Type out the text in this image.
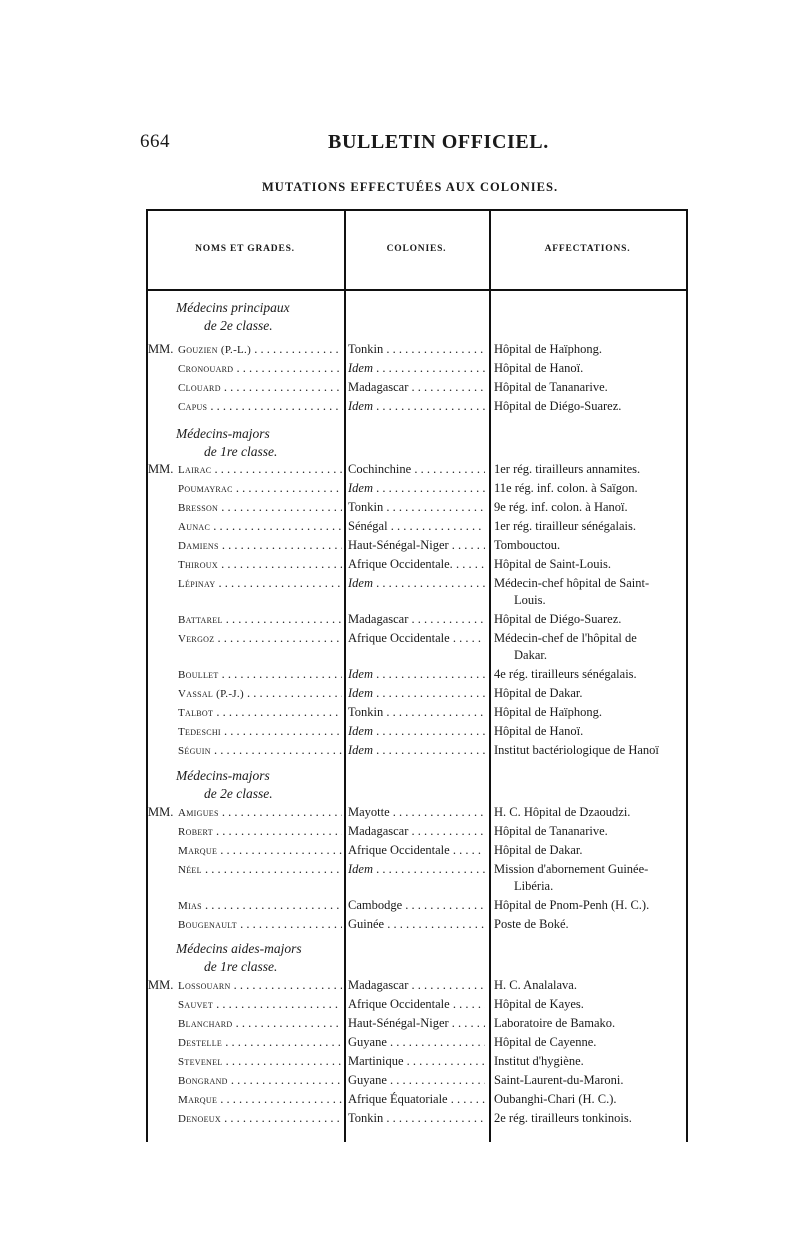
664	BULLETIN OFFICIEL.
MUTATIONS EFFECTUÉES AUX COLONIES.
NOMS ET GRADES.	COLONIES.	AFFECTATIONS.
Médecins principaux
de 2e classe.
Médecins-majors
de 1re classe.
Médecins-majors
de 2e classe.
Médecins aides-majors
de 1re classe.
MM. Gouzien (P.-L.) . . .	Tonkin . . .	Hôpital de Haïphong.
Cronouard . . .	Idem . . .	Hôpital de Hanoï.
Clouard . . .	Madagascar . . .	Hôpital de Tananarive.
Capus . . .	Idem . . .	Hôpital de Diégo-Suarez.
MM. Lairac . . .	Cochinchine . . .	1er rég. tirailleurs annamites.
Poumayrac . . .	Idem . . .	11e rég. inf. colon. à Saïgon.
Bresson . . .	Tonkin . . .	9e rég. inf. colon. à Hanoï.
Aunac . . .	Sénégal . . .	1er rég. tirailleur sénégalais.
Damiens . . .	Haut-Sénégal-Niger . . .	Tombouctou.
Thiroux . . .	Afrique Occidentale. . . .	Hôpital de Saint-Louis.
Lépinay . . .	Idem . . .	Médecin-chef hôpital de Saint-
Louis.
Battarel . . .	Madagascar . . .	Hôpital de Diégo-Suarez.
Vergoz . . .	Afrique Occidentale . . .	Médecin-chef de l'hôpital de
Dakar.
Boullet . . .	Idem . . .	4e rég. tirailleurs sénégalais.
Vassal (P.-J.) . . .	Idem . . .	Hôpital de Dakar.
Talbot . . .	Tonkin . . .	Hôpital de Haïphong.
Tedeschi . . .	Idem . . .	Hôpital de Hanoï.
Séguin . . .	Idem . . .	Institut bactériologique de Hanoï
MM. Amigues . . .	Mayotte . . .	H. C. Hôpital de Dzaoudzi.
Robert . . .	Madagascar . . .	Hôpital de Tananarive.
Marque . . .	Afrique Occidentale . . .	Hôpital de Dakar.
Néel . . .	Idem . . .	Mission d'abornement Guinée-
Libéria.
Mias . . .	Cambodge . . .	Hôpital de Pnom-Penh (H. C.).
Bougenault . . .	Guinée . . .	Poste de Boké.
MM. Lossouarn . . .	Madagascar . . .	H. C. Analalava.
Sauvet . . .	Afrique Occidentale . . .	Hôpital de Kayes.
Blanchard . . .	Haut-Sénégal-Niger . . .	Laboratoire de Bamako.
Destelle . . .	Guyane . . .	Hôpital de Cayenne.
Stevenel . . .	Martinique . . .	Institut d'hygiène.
Bongrand . . .	Guyane . . .	Saint-Laurent-du-Maroni.
Marque . . .	Afrique Équatoriale . . .	Oubanghi-Chari (H. C.).
Denoeux . . .	Tonkin . . .	2e rég. tirailleurs tonkinois.
